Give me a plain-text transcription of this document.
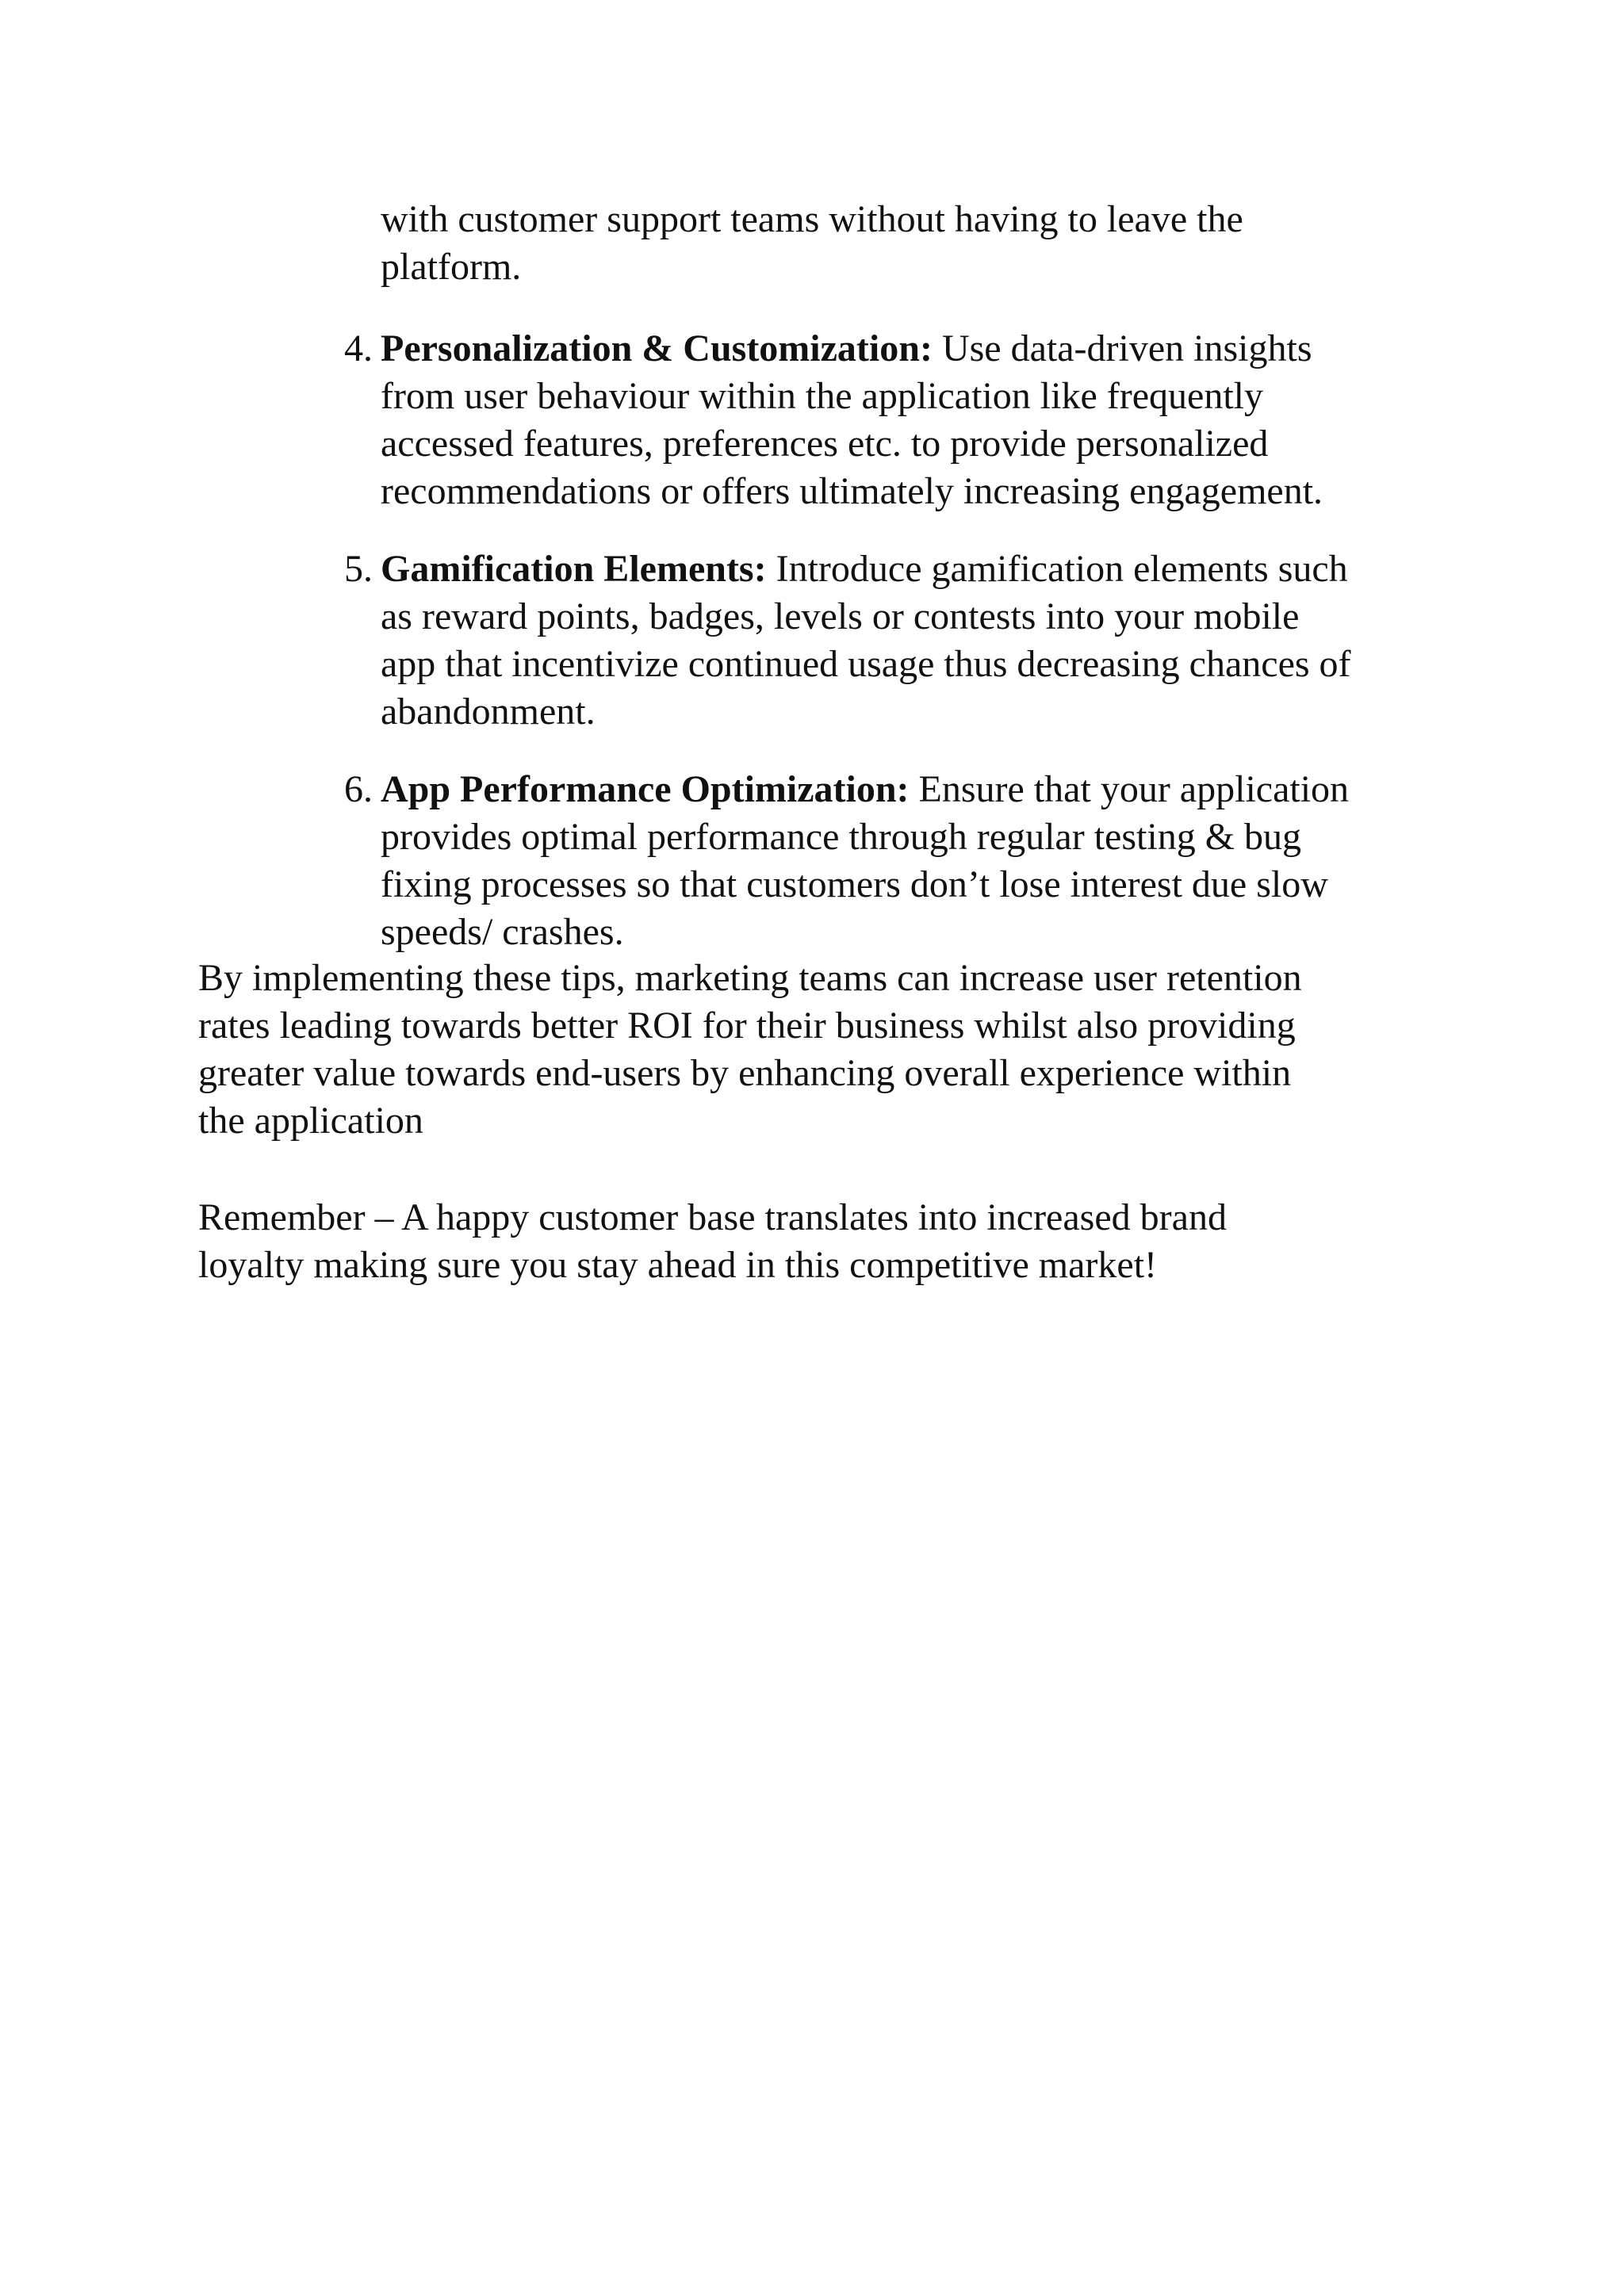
with customer support teams without having to leave the
platform.

4. Personalization & Customization: Use data-driven insights
from user behaviour within the application like frequently
accessed features, preferences etc. to provide personalized
recommendations or offers ultimately increasing engagement.
5. Gamification Elements: Introduce gamification elements such
as reward points, badges, levels or contests into your mobile
app that incentivize continued usage thus decreasing chances of
abandonment.
6. App Performance Optimization: Ensure that your application
provides optimal performance through regular testing & bug
fixing processes so that customers don’t lose interest due slow
speeds/ crashes.

By implementing these tips, marketing teams can increase user retention
rates leading towards better ROI for their business whilst also providing
greater value towards end-users by enhancing overall experience within
the application

Remember – A happy customer base translates into increased brand
loyalty making sure you stay ahead in this competitive market!
